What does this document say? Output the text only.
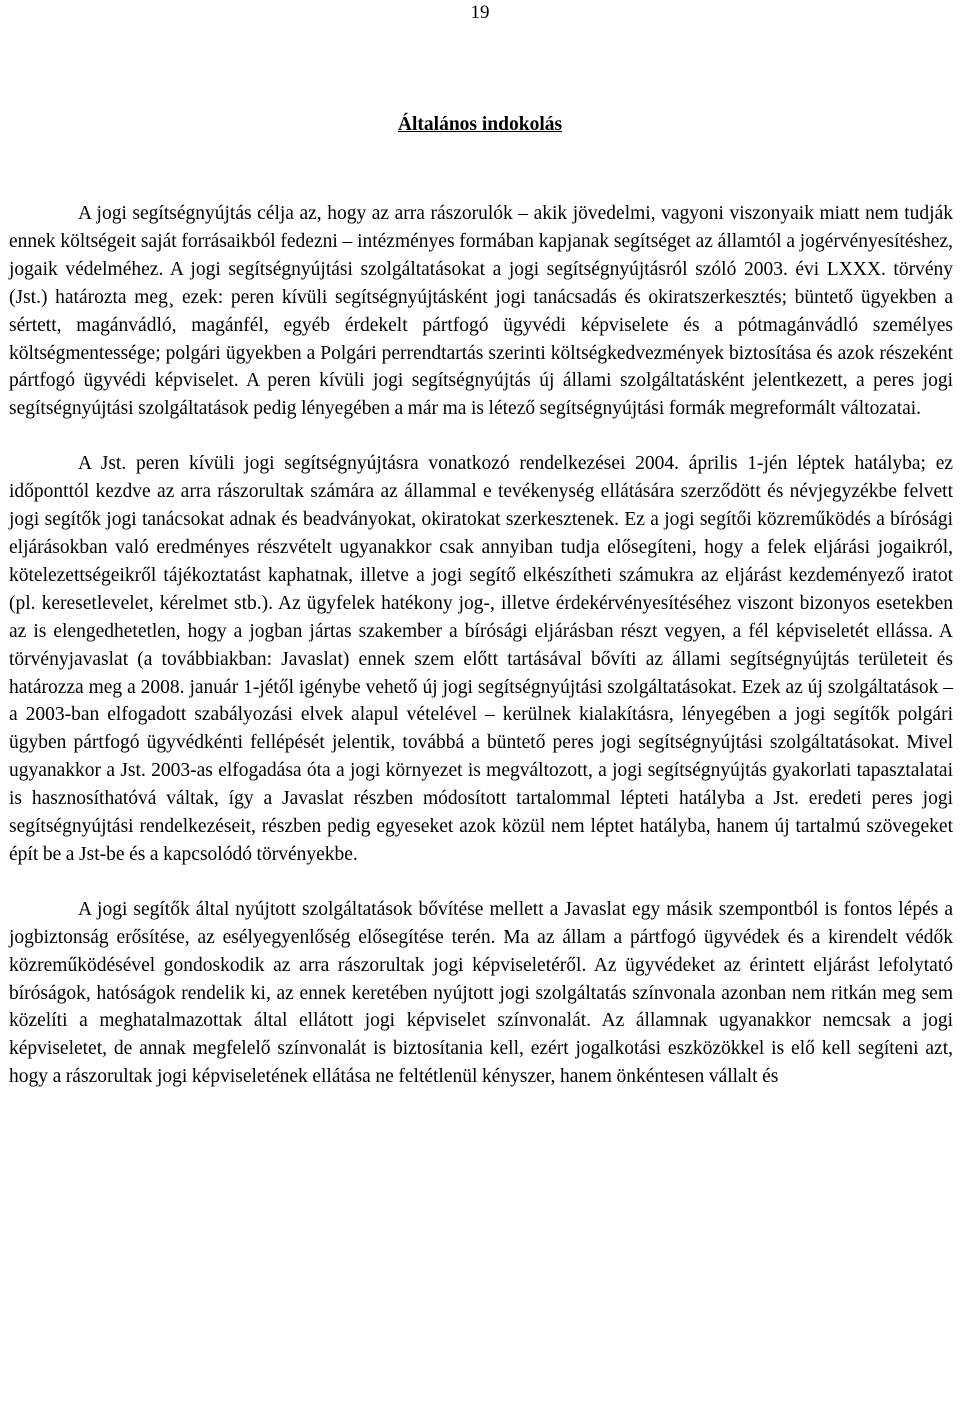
19
Általános indokolás

A jogi segítségnyújtás célja az, hogy az arra rászorulók – akik jövedelmi, vagyoni viszonyaik miatt nem tudják ennek költségeit saját forrásaikból fedezni – intézményes formában kapjanak segítséget az államtól a jogérvényesítéshez, jogaik védelméhez. A jogi segítségnyújtási szolgáltatásokat a jogi segítségnyújtásról szóló 2003. évi LXXX. törvény (Jst.) határozta meg¸ ezek: peren kívüli segítségnyújtásként jogi tanácsadás és okiratszerkesztés; büntető ügyekben a sértett, magánvádló, magánfél, egyéb érdekelt pártfogó ügyvédi képviselete és a pótmagánvádló személyes költségmentessége; polgári ügyekben a Polgári perrendtartás szerinti költségkedvezmények biztosítása és azok részeként pártfogó ügyvédi képviselet. A peren kívüli jogi segítségnyújtás új állami szolgáltatásként jelentkezett, a peres jogi segítségnyújtási szolgáltatások pedig lényegében a már ma is létező segítségnyújtási formák megreformált változatai.

A Jst. peren kívüli jogi segítségnyújtásra vonatkozó rendelkezései 2004. április 1-jén léptek hatályba; ez időponttól kezdve az arra rászorultak számára az állammal e tevékenység ellátására szerződött és névjegyzékbe felvett jogi segítők jogi tanácsokat adnak és beadványokat, okiratokat szerkesztenek. Ez a jogi segítői közreműködés a bírósági eljárásokban való eredményes részvételt ugyanakkor csak annyiban tudja elősegíteni, hogy a felek eljárási jogaikról, kötelezettségeikről tájékoztatást kaphatnak, illetve a jogi segítő elkészítheti számukra az eljárást kezdeményező iratot (pl. keresetlevelet, kérelmet stb.). Az ügyfelek hatékony jog-, illetve érdekérvényesítéséhez viszont bizonyos esetekben az is elengedhetetlen, hogy a jogban jártas szakember a bírósági eljárásban részt vegyen, a fél képviseletét ellássa. A törvényjavaslat (a továbbiakban: Javaslat) ennek szem előtt tartásával bővíti az állami segítségnyújtás területeit és határozza meg a 2008. január 1-jétől igénybe vehető új jogi segítségnyújtási szolgáltatásokat. Ezek az új szolgáltatások – a 2003-ban elfogadott szabályozási elvek alapul vételével – kerülnek kialakításra, lényegében a jogi segítők polgári ügyben pártfogó ügyvédkénti fellépését jelentik, továbbá a büntető peres jogi segítségnyújtási szolgáltatásokat. Mivel ugyanakkor a Jst. 2003-as elfogadása óta a jogi környezet is megváltozott, a jogi segítségnyújtás gyakorlati tapasztalatai is hasznosíthatóvá váltak, így a Javaslat részben módosított tartalommal lépteti hatályba a Jst. eredeti peres jogi segítségnyújtási rendelkezéseit, részben pedig egyeseket azok közül nem léptet hatályba, hanem új tartalmú szövegeket épít be a Jst-be és a kapcsolódó törvényekbe.

A jogi segítők által nyújtott szolgáltatások bővítése mellett a Javaslat egy másik szempontból is fontos lépés a jogbiztonság erősítése, az esélyegyenlőség elősegítése terén. Ma az állam a pártfogó ügyvédek és a kirendelt védők közreműködésével gondoskodik az arra rászorultak jogi képviseletéről. Az ügyvédeket az érintett eljárást lefolytató bíróságok, hatóságok rendelik ki, az ennek keretében nyújtott jogi szolgáltatás színvonala azonban nem ritkán meg sem közelíti a meghatalmazottak által ellátott jogi képviselet színvonalát. Az államnak ugyanakkor nemcsak a jogi képviseletet, de annak megfelelő színvonalát is biztosítania kell, ezért jogalkotási eszközökkel is elő kell segíteni azt, hogy a rászorultak jogi képviseletének ellátása ne feltétlenül kényszer, hanem önkéntesen vállalt és
